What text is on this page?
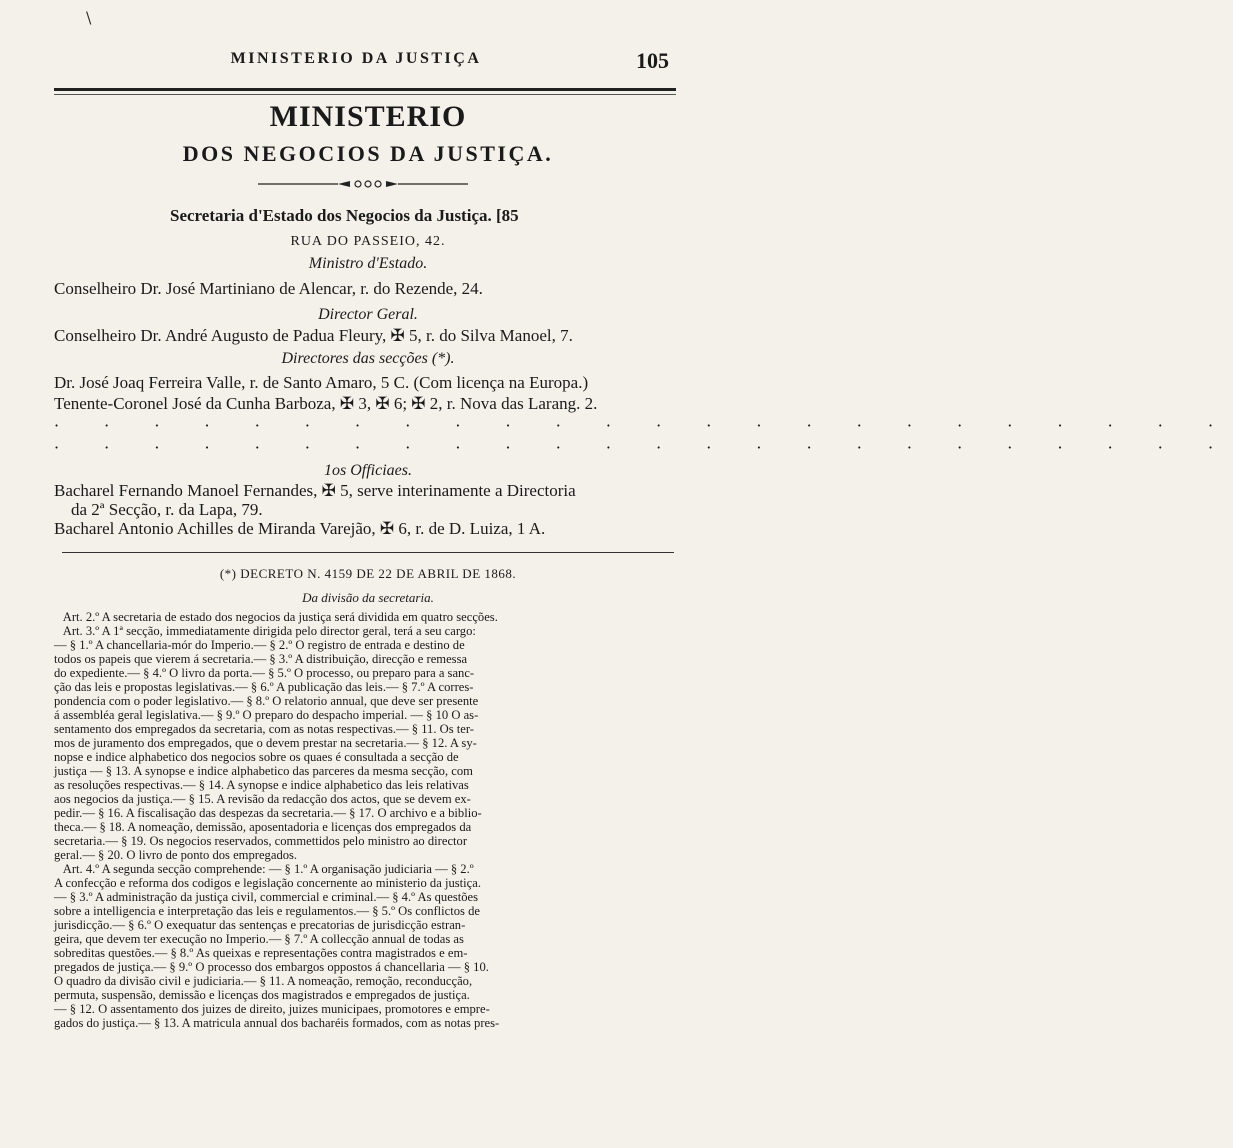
\
MINISTERIO DA JUSTIÇA	105
MINISTERIO
DOS NEGOCIOS DA JUSTIÇA.
Secretaria d'Estado dos Negocios da Justiça. [85
RUA DO PASSEIO, 42.
Ministro d'Estado.
Conselheiro Dr. José Martiniano de Alencar, r. do Rezende, 24.
Director Geral.
Conselheiro Dr. André Augusto de Padua Fleury, ✠ 5, r. do Silva Manoel, 7.
Directores das secções (*).
Dr. José Joaq Ferreira Valle, r. de Santo Amaro, 5 C. (Com licença na Europa.)
Tenente-Coronel José da Cunha Barboza, ✠ 3, ✠ 6; ✠ 2, r. Nova das Larang. 2.
· · · · · · · · · · · · · · · · · · · · · · · ·
· · · · · · · · · · · · · · · · · · · · · · · ·
1os Officiaes.
Bacharel Fernando Manoel Fernandes, ✠ 5, serve interinamente a Directoria
da 2ª Secção, r. da Lapa, 79.
Bacharel Antonio Achilles de Miranda Varejão, ✠ 6, r. de D. Luiza, 1 A.
(*) DECRETO N. 4159 DE 22 DE ABRIL DE 1868.
Da divisão da secretaria.
Art. 2.º A secretaria de estado dos negocios da justiça será dividida em quatro secções.
Art. 3.º A 1ª secção, immediatamente dirigida pelo director geral, terá a seu cargo:
— § 1.º A chancellaria-mór do Imperio.— § 2.º O registro de entrada e destino de
todos os papeis que vierem á secretaria.— § 3.º A distribuição, direcção e remessa
do expediente.— § 4.º O livro da porta.— § 5.º O processo, ou preparo para a sanc-
ção das leis e propostas legislativas.— § 6.º A publicação das leis.— § 7.º A corres-
pondencia com o poder legislativo.— § 8.º O relatorio annual, que deve ser presente
á assembléa geral legislativa.— § 9.º O preparo do despacho imperial. — § 10 O as-
sentamento dos empregados da secretaria, com as notas respectivas.— § 11. Os ter-
mos de juramento dos empregados, que o devem prestar na secretaria.— § 12. A sy-
nopse e indice alphabetico dos negocios sobre os quaes é consultada a secção de
justiça — § 13. A synopse e indice alphabetico das parceres da mesma secção, com
as resoluções respectivas.— § 14. A synopse e indice alphabetico das leis relativas
aos negocios da justiça.— § 15. A revisão da redacção dos actos, que se devem ex-
pedir.— § 16. A fiscalisação das despezas da secretaria.— § 17. O archivo e a biblio-
theca.— § 18. A nomeação, demissão, aposentadoria e licenças dos empregados da
secretaria.— § 19. Os negocios reservados, commettidos pelo ministro ao director
geral.— § 20. O livro de ponto dos empregados.
Art. 4.º A segunda secção comprehende: — § 1.º A organisação judiciaria — § 2.º
A confecção e reforma dos codigos e legislação concernente ao ministerio da justiça.
— § 3.º A administração da justiça civil, commercial e criminal.— § 4.º As questões
sobre a intelligencia e interpretação das leis e regulamentos.— § 5.º Os conflictos de
jurisdicção.— § 6.º O exequatur das sentenças e precatorias de jurisdicção estran-
geira, que devem ter execução no Imperio.— § 7.º A collecção annual de todas as
sobreditas questões.— § 8.º As queixas e representações contra magistrados e em-
pregados de justiça.— § 9.º O processo dos embargos oppostos á chancellaria — § 10.
O quadro da divisão civil e judiciaria.— § 11. A nomeação, remoção, reconducção,
permuta, suspensão, demissão e licenças dos magistrados e empregados de justiça.
— § 12. O assentamento dos juizes de direito, juizes municipaes, promotores e empre-
gados do justiça.— § 13. A matricula annual dos bacharéis formados, com as notas pres-
